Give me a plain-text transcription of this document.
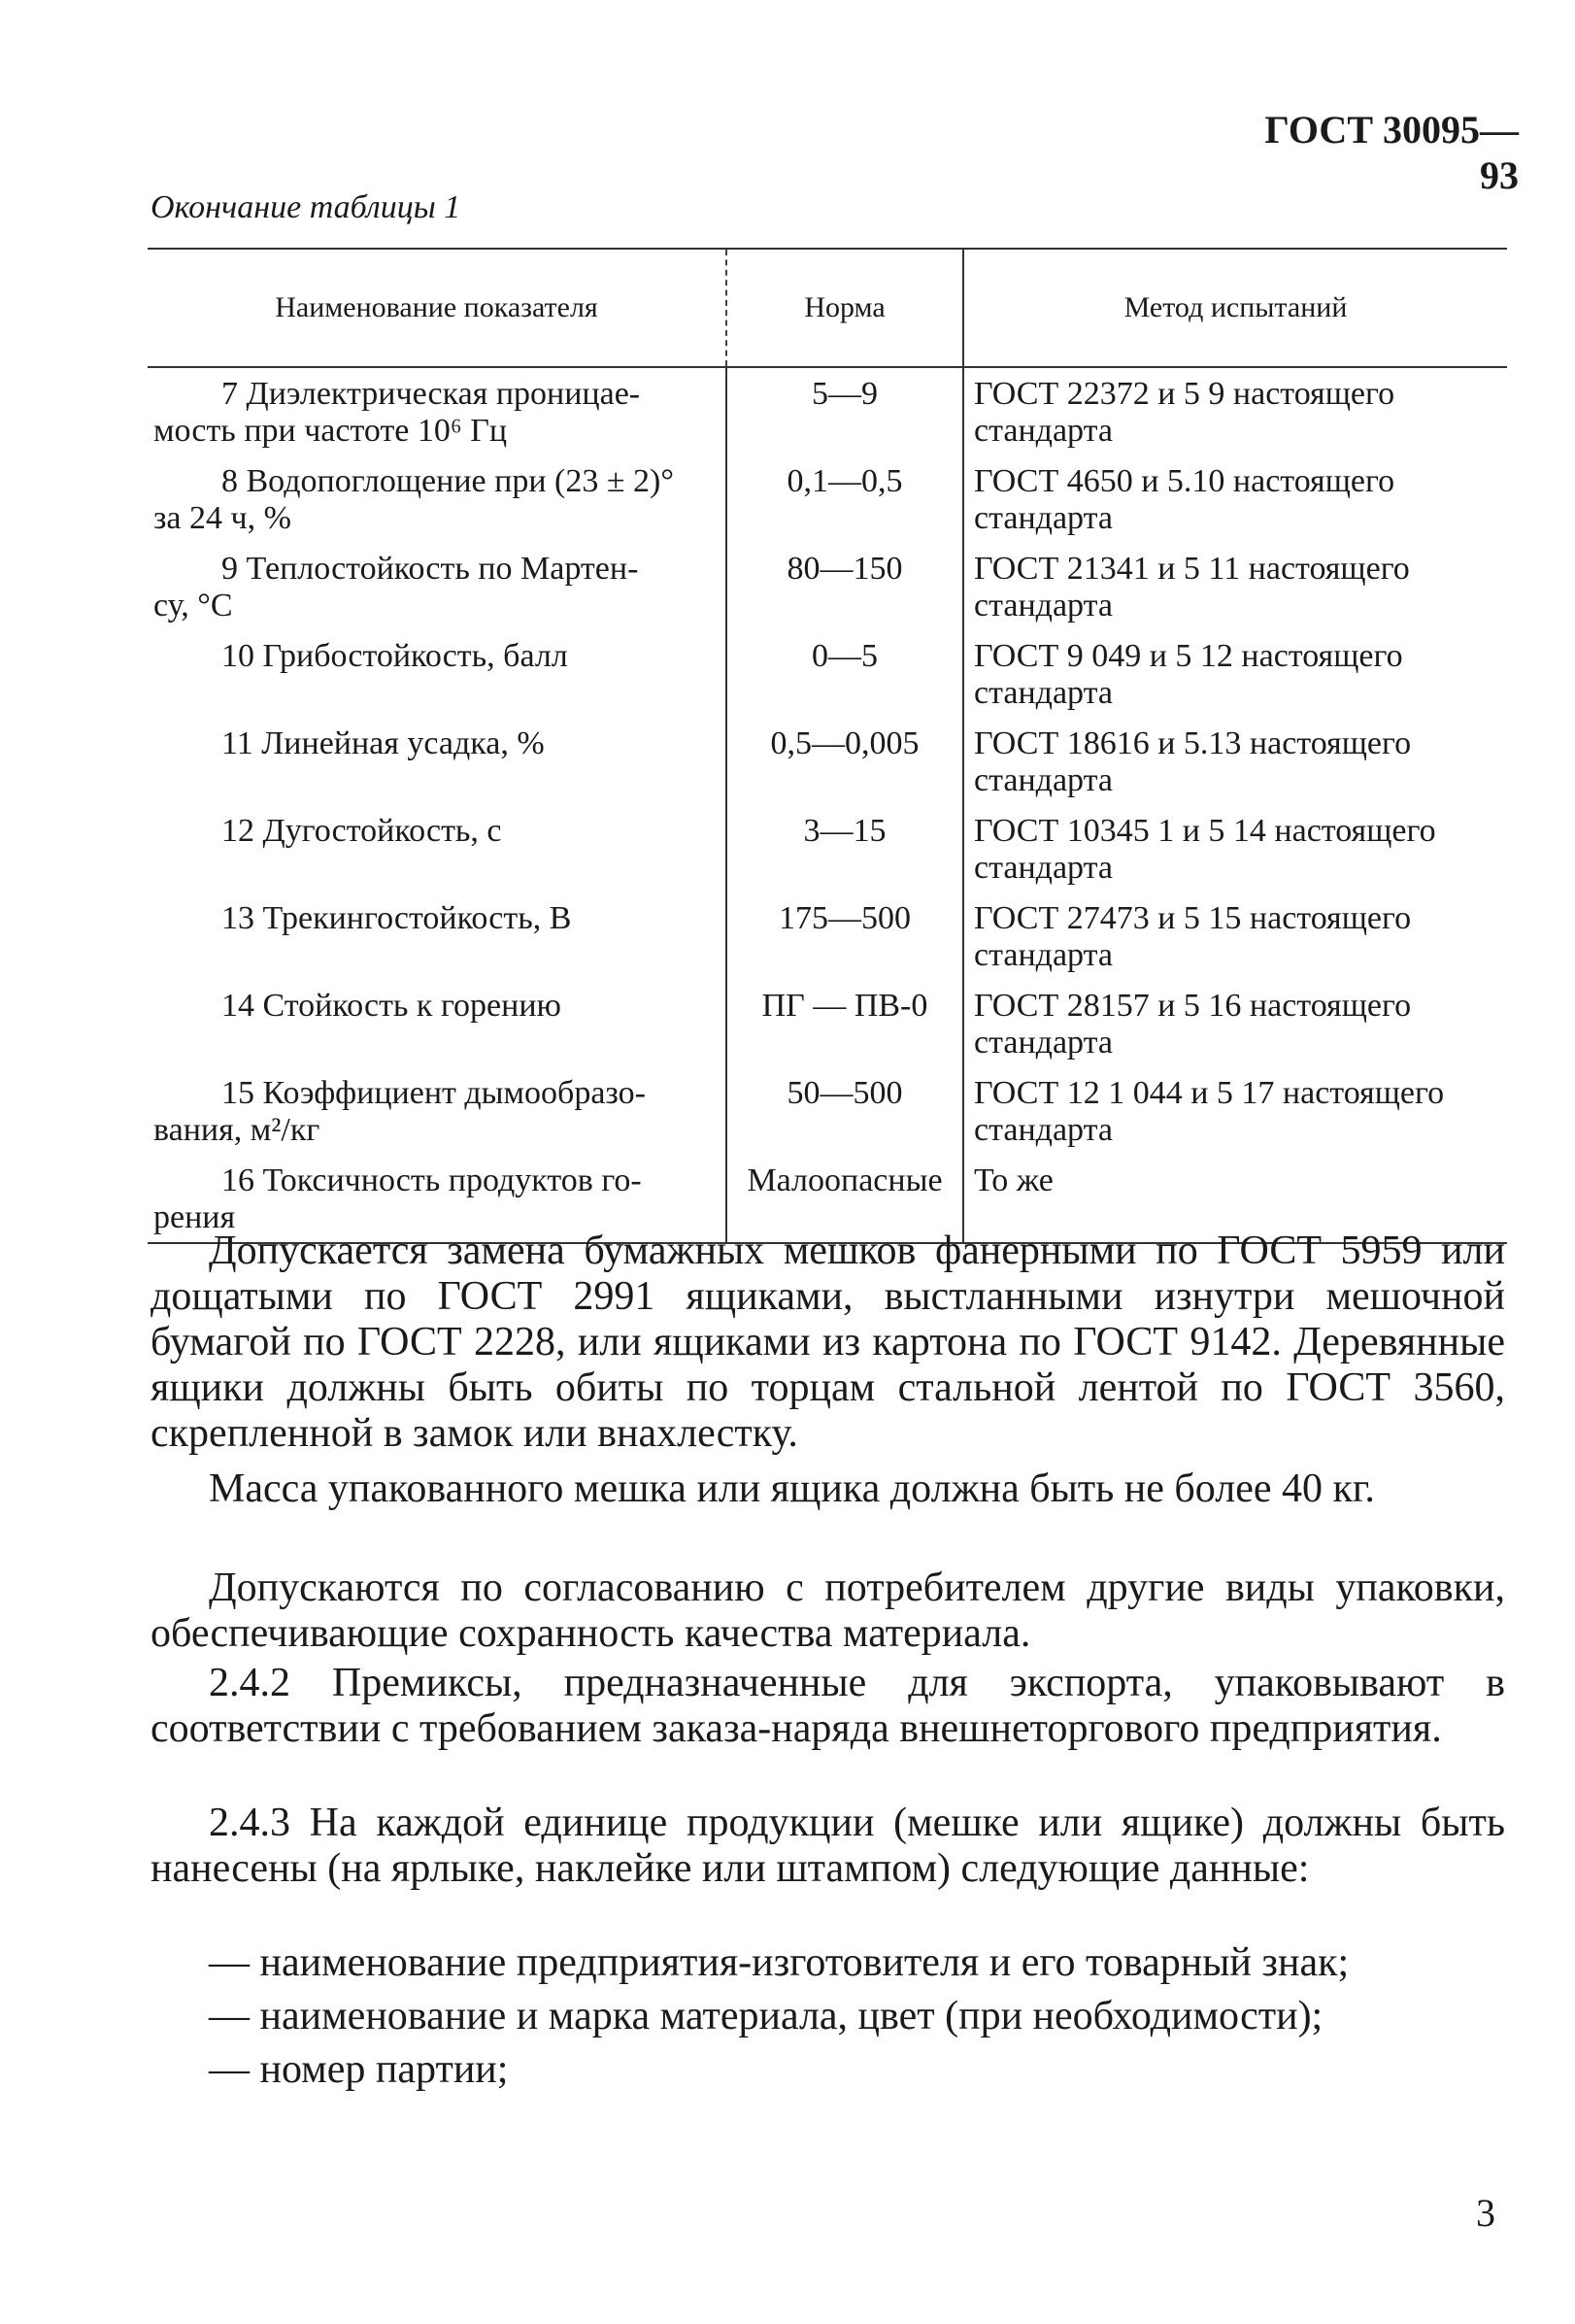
ГОСТ 30095—93
Окончание таблицы 1
Наименование показателя	Норма	Метод испытаний

7 Диэлектрическая проницае-
мость при частоте 10⁶ Гц	5—9	ГОСТ 22372 и 5 9 настоящего стандарта

8 Водопоглощение при (23 ± 2)°
за 24 ч, %	0,1—0,5	ГОСТ 4650 и 5.10 настоящего стандарта

9 Теплостойкость по Мартен-
су, °С	80—150	ГОСТ 21341 и 5 11 настоящего стандарта

10 Грибостойкость, балл	0—5	ГОСТ 9 049 и 5 12 настоящего стандарта

11 Линейная усадка, %	0,5—0,005	ГОСТ 18616 и 5.13 настоящего стандарта

12 Дугостойкость, с	3—15	ГОСТ 10345 1 и 5 14 настоящего стандарта

13 Трекингостойкость, В	175—500	ГОСТ 27473 и 5 15 настоящего стандарта

14 Стойкость к горению	ПГ — ПВ-0	ГОСТ 28157 и 5 16 настоящего стандарта

15 Коэффициент дымообразо-
вания, м²/кг	50—500	ГОСТ 12 1 044 и 5 17 настоящего стандарта

16 Токсичность продуктов го-
рения	Малоопасные	То же
Допускается замена бумажных мешков фанерными по ГОСТ 5959 или дощатыми по ГОСТ 2991 ящиками, выстланными изнутри мешочной бумагой по ГОСТ 2228, или ящиками из картона по ГОСТ 9142. Деревянные ящики должны быть обиты по торцам стальной лентой по ГОСТ 3560, скрепленной в замок или внахлестку.
Масса упакованного мешка или ящика должна быть не более 40 кг.
Допускаются по согласованию с потребителем другие виды упаковки, обеспечивающие сохранность качества материала.
2.4.2 Премиксы, предназначенные для экспорта, упаковывают в соответствии с требованием заказа-наряда внешнеторгового предприятия.
2.4.3 На каждой единице продукции (мешке или ящике) должны быть нанесены (на ярлыке, наклейке или штампом) следующие данные:
— наименование предприятия-изготовителя и его товарный знак;
— наименование и марка материала, цвет (при необходимости);
— номер партии;
3
